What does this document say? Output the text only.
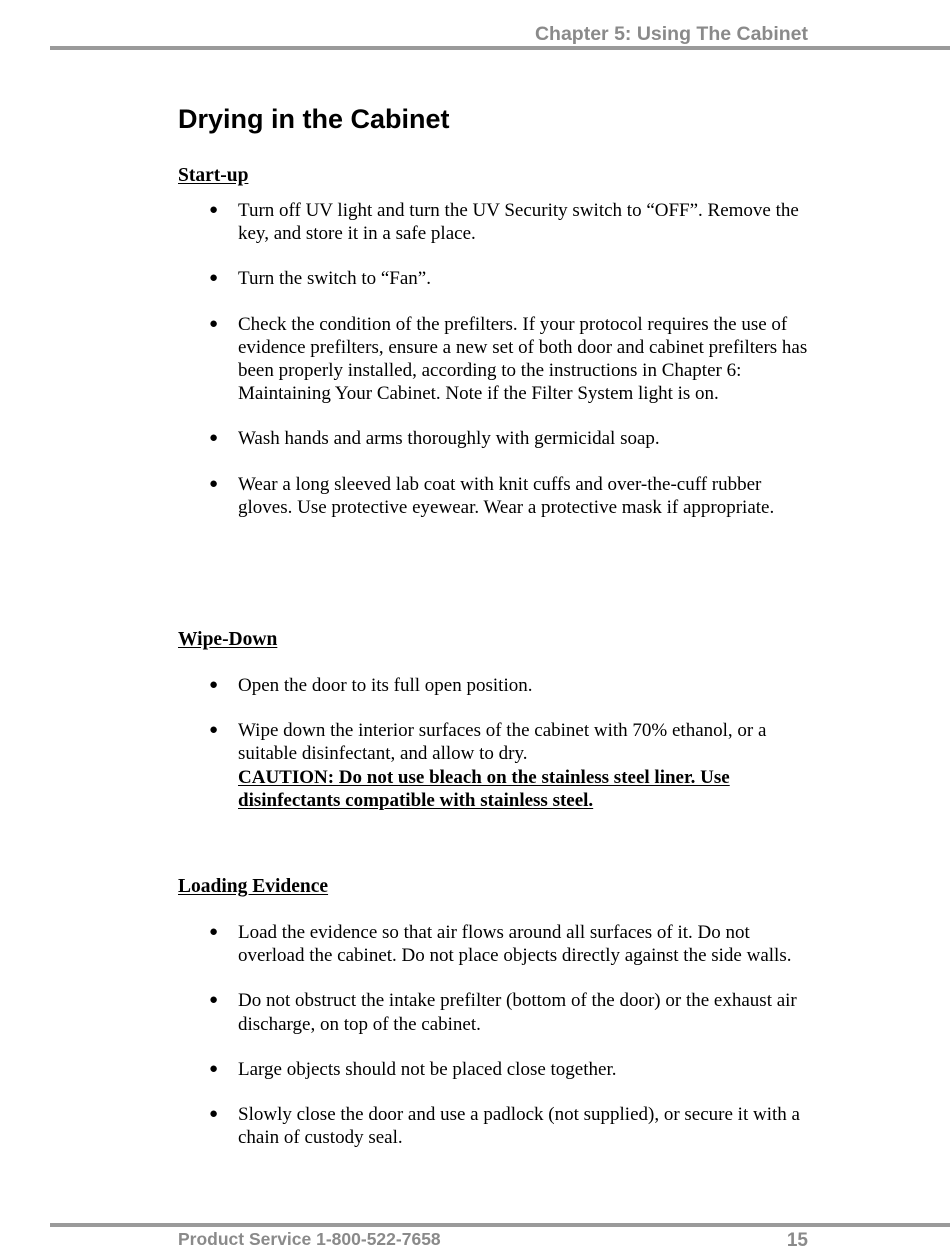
Chapter 5: Using The Cabinet
Drying in the Cabinet
Start-up
● Turn off UV light and turn the UV Security switch to “OFF”. Remove the key, and store it in a safe place.
● Turn the switch to “Fan”.
● Check the condition of the prefilters. If your protocol requires the use of evidence prefilters, ensure a new set of both door and cabinet prefilters has been properly installed, according to the instructions in Chapter 6: Maintaining Your Cabinet. Note if the Filter System light is on.
● Wash hands and arms thoroughly with germicidal soap.
● Wear a long sleeved lab coat with knit cuffs and over-the-cuff rubber gloves. Use protective eyewear. Wear a protective mask if appropriate.
Wipe-Down
● Open the door to its full open position.
● Wipe down the interior surfaces of the cabinet with 70% ethanol, or a suitable disinfectant, and allow to dry.
CAUTION: Do not use bleach on the stainless steel liner. Use disinfectants compatible with stainless steel.
Loading Evidence
● Load the evidence so that air flows around all surfaces of it. Do not overload the cabinet. Do not place objects directly against the side walls.
● Do not obstruct the intake prefilter (bottom of the door) or the exhaust air discharge, on top of the cabinet.
● Large objects should not be placed close together.
● Slowly close the door and use a padlock (not supplied), or secure it with a chain of custody seal.
Product Service 1-800-522-7658	15
